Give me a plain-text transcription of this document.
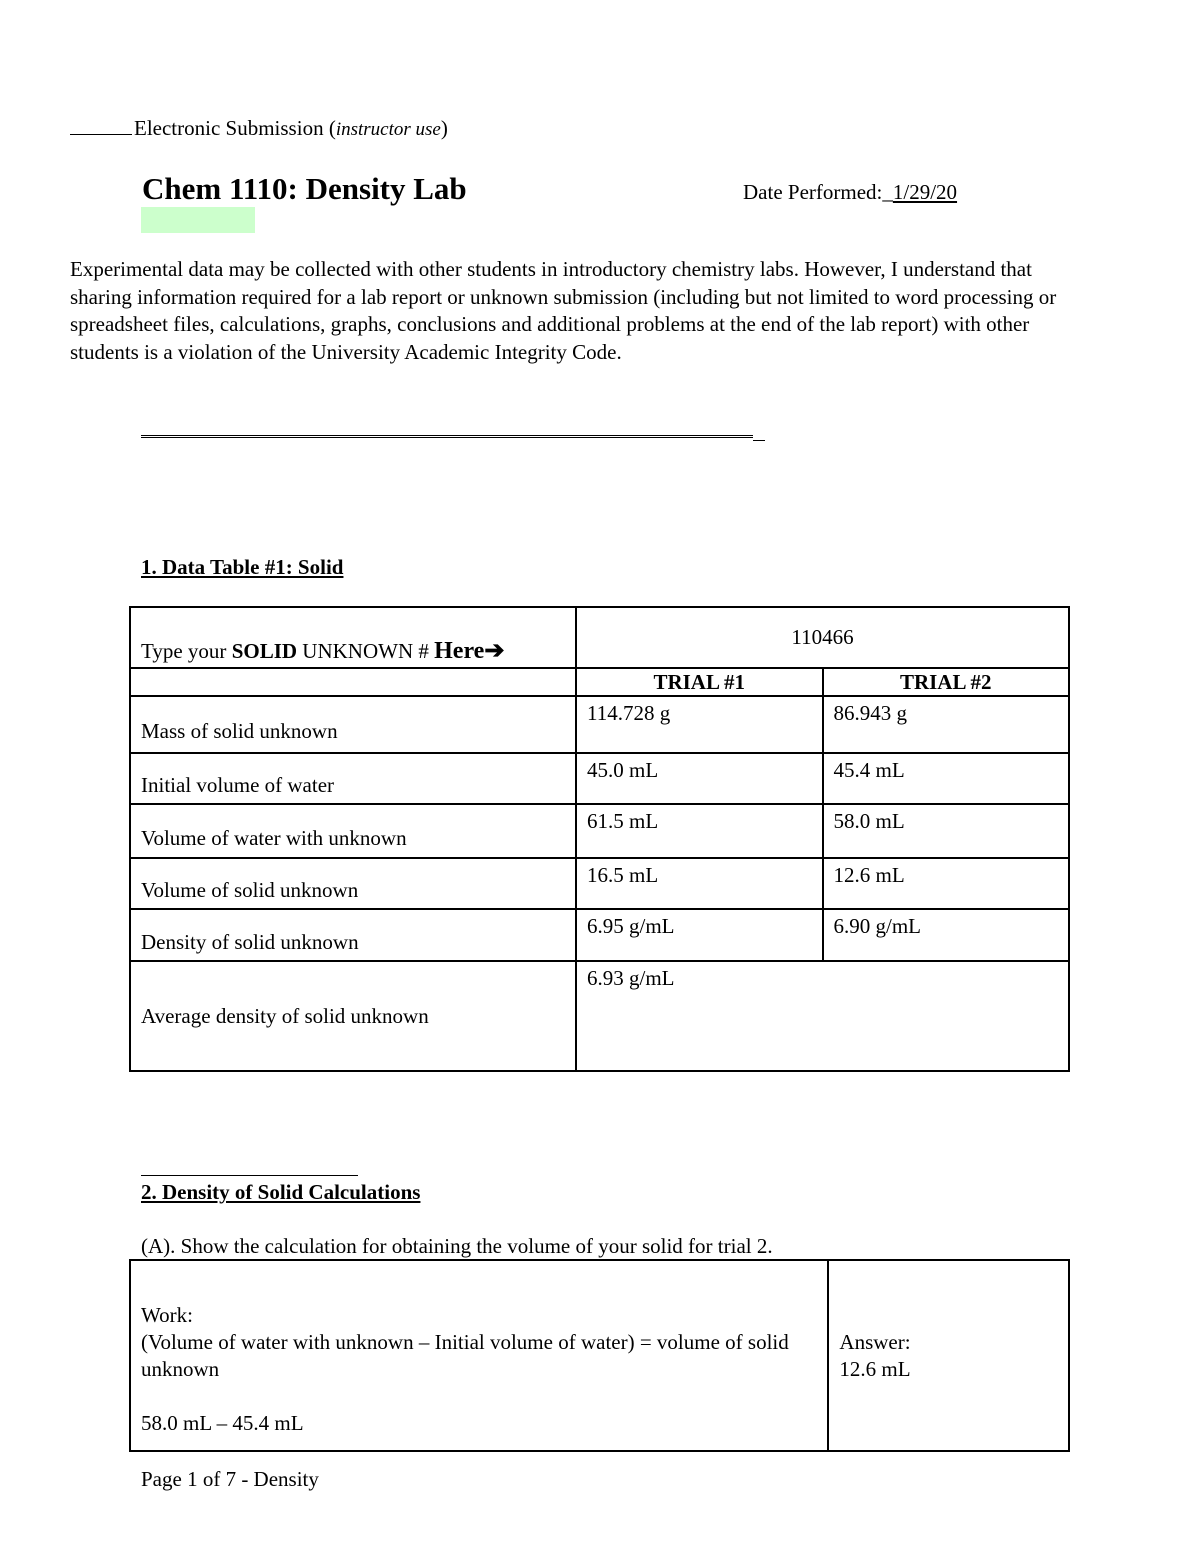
Electronic Submission (instructor use)
Chem 1110: Density Lab	Date Performed:_1/29/20
Experimental data may be collected with other students in introductory chemistry labs. However, I understand that sharing information required for a lab report or unknown submission (including but not limited to word processing or spreadsheet files, calculations, graphs, conclusions and additional problems at the end of the lab report) with other students is a violation of the University Academic Integrity Code.
1. Data Table #1: Solid
Type your SOLID UNKNOWN # Here➔	110466	
	TRIAL #1	TRIAL #2
Mass of solid unknown	114.728 g	86.943 g
Initial volume of water	45.0 mL	45.4 mL
Volume of water with unknown	61.5 mL	58.0 mL
Volume of solid unknown	16.5 mL	12.6 mL
Density of solid unknown	6.95 g/mL	6.90 g/mL
Average density of solid unknown	6.93 g/mL	
2. Density of Solid Calculations
(A). Show the calculation for obtaining the volume of your solid for trial 2.
Work:
(Volume of water with unknown – Initial volume of water) = volume of solid unknown
58.0 mL – 45.4 mL

Answer:
12.6 mL
Page 1 of 7 - Density
